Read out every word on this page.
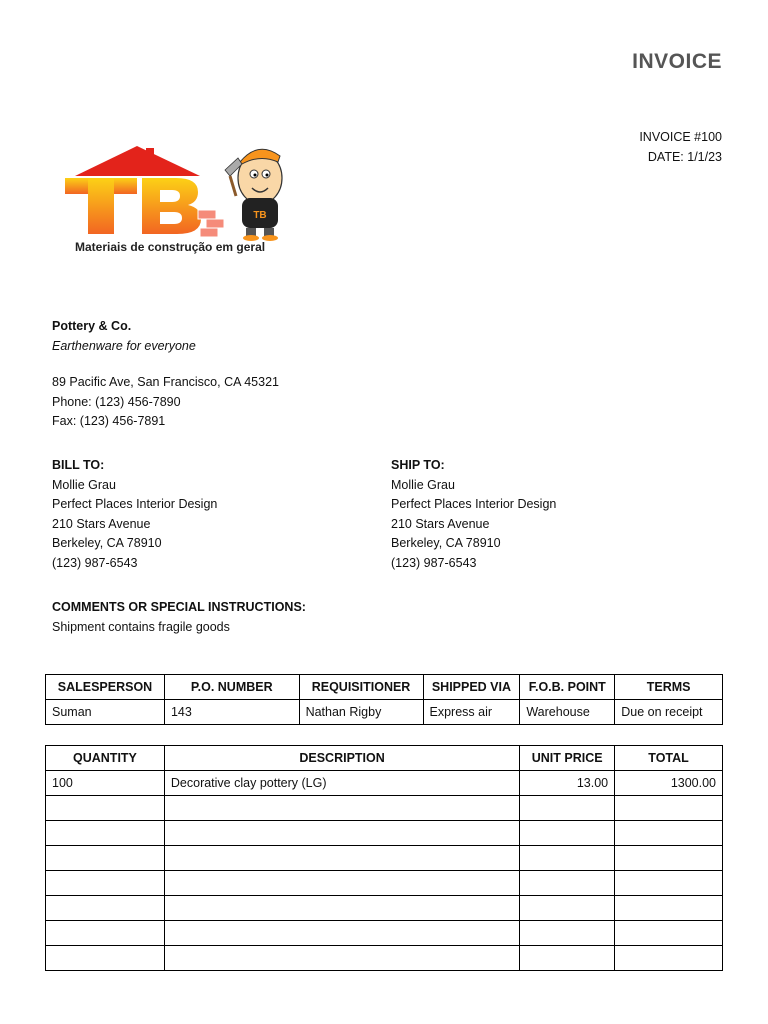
INVOICE
INVOICE #100
DATE: 1/1/23
TB
Materiais de construção em geral
Pottery & Co.
Earthenware for everyone
89 Pacific Ave, San Francisco, CA 45321
Phone: (123) 456-7890
Fax: (123) 456-7891
BILL TO:
Mollie Grau
Perfect Places Interior Design
210 Stars Avenue
Berkeley, CA 78910
(123) 987-6543
SHIP TO:
Mollie Grau
Perfect Places Interior Design
210 Stars Avenue
Berkeley, CA 78910
(123) 987-6543
COMMENTS OR SPECIAL INSTRUCTIONS:
Shipment contains fragile goods
SALESPERSON	P.O. NUMBER	REQUISITIONER	SHIPPED VIA	F.O.B. POINT	TERMS
Suman	143	Nathan Rigby	Express air	Warehouse	Due on receipt
QUANTITY	DESCRIPTION	UNIT PRICE	TOTAL
100	Decorative clay pottery (LG)	13.00	1300.00
